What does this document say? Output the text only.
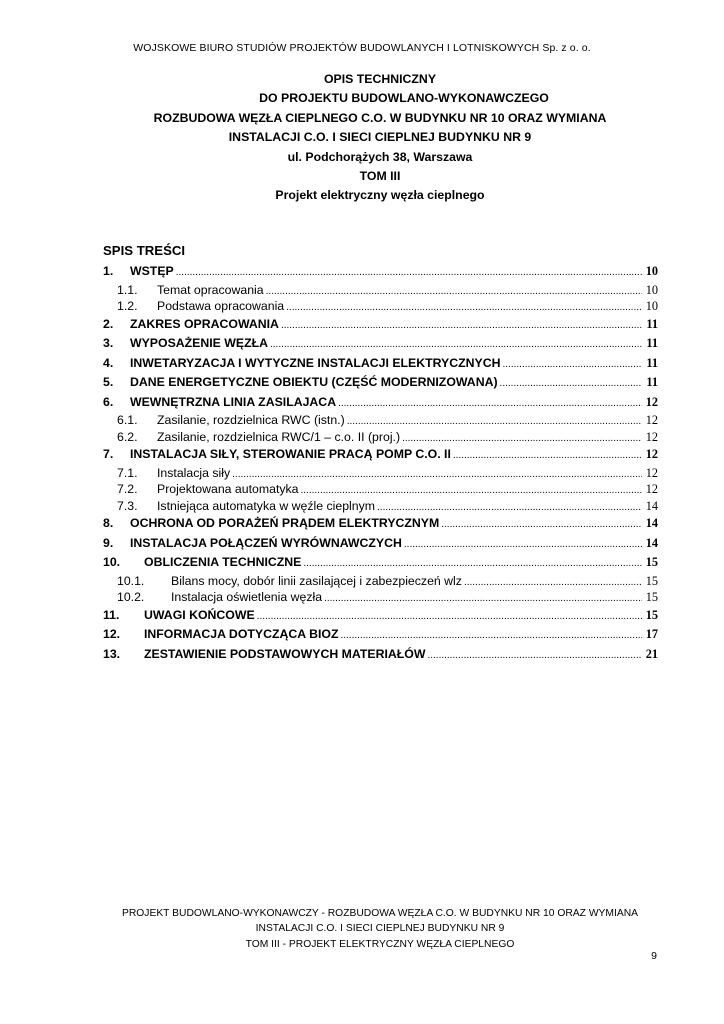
WOJSKOWE BIURO STUDIÓW PROJEKTÓW BUDOWLANYCH I LOTNISKOWYCH Sp. z o. o.
OPIS TECHNICZNY
DO PROJEKTU BUDOWLANO-WYKONAWCZEGO
ROZBUDOWA WĘZŁA CIEPLNEGO C.O. W BUDYNKU NR 10 ORAZ WYMIANA
INSTALACJI C.O. I SIECI CIEPLNEJ BUDYNKU NR 9
ul. Podchorążych 38, Warszawa
TOM III
Projekt elektryczny węzła cieplnego
SPIS TREŚCI
1.	WSTĘP .....	10
1.1.	Temat opracowania .....	10
1.2.	Podstawa opracowania .....	10
2.	ZAKRES OPRACOWANIA .....	11
3.	WYPOSAŻENIE WĘZŁA .....	11
4.	INWETARYZACJA I WYTYCZNE INSTALACJI ELEKTRYCZNYCH .....	11
5.	DANE ENERGETYCZNE OBIEKTU (CZĘŚĆ MODERNIZOWANA) .....	11
6.	WEWNĘTRZNA LINIA ZASILAJACA .....	12
6.1.	Zasilanie, rozdzielnica RWC (istn.) .....	12
6.2.	Zasilanie, rozdzielnica RWC/1 – c.o. II (proj.) .....	12
7.	INSTALACJA SIŁY, STEROWANIE PRACĄ POMP C.O. II .....	12
7.1.	Instalacja siły .....	12
7.2.	Projektowana automatyka .....	12
7.3.	Istniejąca automatyka w węźle cieplnym .....	14
8.	OCHRONA OD PORAŻEŃ PRĄDEM ELEKTRYCZNYM .....	14
9.	INSTALACJA POŁĄCZEŃ WYRÓWNAWCZYCH .....	14
10.	OBLICZENIA TECHNICZNE .....	15
10.1.	Bilans mocy, dobór linii zasilającej i zabezpieczeń wlz .....	15
10.2.	Instalacja oświetlenia węzła .....	15
11.	UWAGI KOŃCOWE .....	15
12.	INFORMACJA DOTYCZĄCA BIOZ .....	17
13.	ZESTAWIENIE PODSTAWOWYCH MATERIAŁÓW .....	21
PROJEKT BUDOWLANO-WYKONAWCZY - ROZBUDOWA WĘZŁA C.O. W BUDYNKU NR 10 ORAZ WYMIANA
INSTALACJI C.O. I SIECI CIEPLNEJ BUDYNKU NR 9
TOM III - PROJEKT ELEKTRYCZNY WĘZŁA CIEPLNEGO
9
